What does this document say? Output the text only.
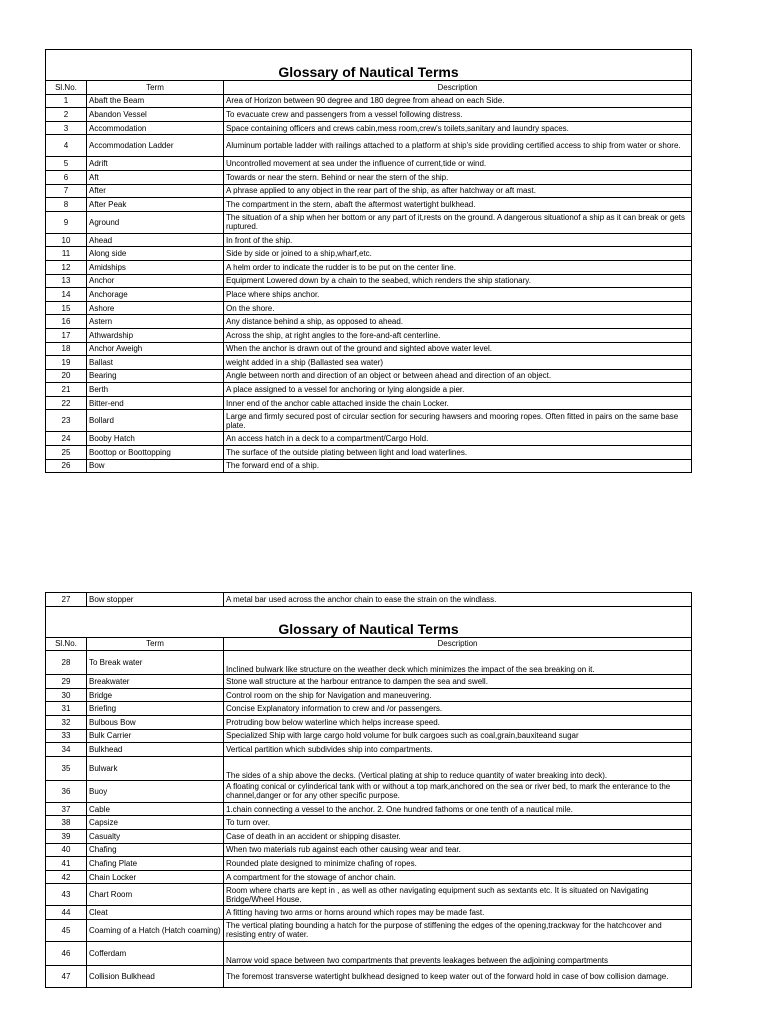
Glossary of Nautical Terms		
Sl.No.	Term	Description
1	Abaft the Beam	Area of Horizon between 90 degree and 180 degree from ahead on each Side.
2	Abandon Vessel	To evacuate crew and passengers from a vessel following distress.
3	Accommodation	Space containing officers and crews cabin,mess room,crew's toilets,sanitary and laundry spaces.
4	Accommodation Ladder	Aluminum portable ladder with railings attached to a platform at ship's side providing certified access to ship from water or shore.
5	Adrift	Uncontrolled movement at sea under the influence of current,tide or wind.
6	Aft	Towards or near the stern. Behind or near the stern of the ship.
7	After	A phrase applied to any object in the rear part of the ship, as after hatchway or aft mast.
8	After Peak	The compartment in the stern, abaft the aftermost watertight bulkhead.
9	Aground	The situation of a ship when her bottom or any part of it,rests on the ground. A dangerous situationof a ship as it can break or gets ruptured.
10	Ahead	In front of the ship.
11	Along side	Side by side or joined to a ship,wharf,etc.
12	Amidships	A helm order to indicate the rudder is to be put on the center line.
13	Anchor	Equipment Lowered down by a chain to the seabed, which renders the ship stationary.
14	Anchorage	Place where ships anchor.
15	Ashore	On the shore.
16	Astern	Any distance behind a ship, as opposed to ahead.
17	Athwardship	Across the ship, at right angles to the fore-and-aft centerline.
18	Anchor Aweigh	When the anchor is drawn out of the ground and sighted above water level.
19	Ballast	weight added in a ship (Ballasted sea water)
20	Bearing	Angle between north and direction of an object or between ahead and direction of an object.
21	Berth	A place assigned to a vessel for anchoring or lying alongside a pier.
22	Bitter-end	Inner end of the anchor cable attached inside the chain Locker.
23	Bollard	Large and firmly secured post of circular section for securing hawsers and mooring ropes. Often fitted in pairs on the same base plate.
24	Booby Hatch	An access hatch in a deck to a compartment/Cargo Hold.
25	Boottop or Boottopping	The surface of the outside plating between light and load waterlines.
26	Bow	The forward end of a ship.
27	Bow stopper	A metal bar used across the anchor chain to ease the strain on the windlass.
Glossary of Nautical Terms		
Sl.No.	Term	Description
28	To Break water	Inclined bulwark like structure on the weather deck which minimizes the impact of the sea breaking on it.
29	Breakwater	Stone wall structure at the harbour entrance to dampen the sea and swell.
30	Bridge	Control room on the ship for Navigation and maneuvering.
31	Briefing	Concise Explanatory information to crew and /or passengers.
32	Bulbous Bow	Protruding bow below waterline which helps increase speed.
33	Bulk Carrier	Specialized Ship with large cargo hold volume for bulk cargoes such as coal,grain,bauxiteand sugar
34	Bulkhead	Vertical partition which subdivides ship into compartments.
35	Bulwark	The sides of a ship above the decks. (Vertical plating at ship to reduce quantity of water breaking into deck).
36	Buoy	A floating conical or cylinderical tank with or without a top mark,anchored on the sea or river bed, to mark the enterance to the channel,danger or for any other specific purpose.
37	Cable	1.chain connecting a vessel to the anchor. 2. One hundred fathoms or one tenth of a nautical mile.
38	Capsize	To turn over.
39	Casualty	Case of death in an accident or shipping disaster.
40	Chafing	When two materials rub against each other causing wear and tear.
41	Chafing Plate	Rounded plate designed to minimize chafing of ropes.
42	Chain Locker	A compartment for the stowage of anchor chain.
43	Chart Room	Room where charts are kept in , as well as other navigating equipment such as sextants etc. It is situated on Navigating Bridge/Wheel House.
44	Cleat	A fitting having two arms or horns around which ropes may be made fast.
45	Coaming of a Hatch (Hatch coaming)	The vertical plating bounding a hatch for the purpose of stiffening the edges of the opening,trackway for the hatchcover and resisting entry of water.
46	Cofferdam	Narrow void space between two compartments that prevents leakages between the adjoining compartments
47	Collision Bulkhead	The foremost transverse watertight bulkhead designed to keep water out of the forward hold in case of bow collision damage.
